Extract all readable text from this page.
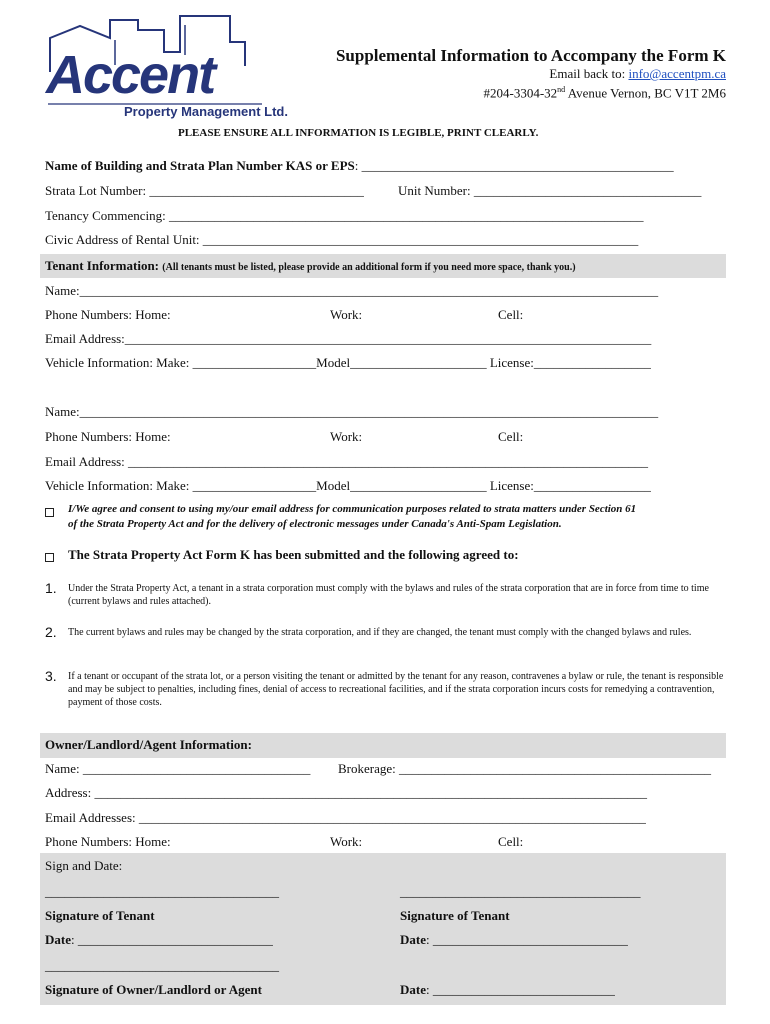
Accent
Property Management Ltd.
Supplemental Information to Accompany the Form K
Email back to: info@accentpm.ca
#204-3304-32nd Avenue Vernon, BC V1T 2M6
PLEASE ENSURE ALL INFORMATION IS LEGIBLE, PRINT CLEARLY.
Name of Building and Strata Plan Number KAS or EPS: ________________________________________________
Strata Lot Number: _________________________________	Unit Number: ___________________________________
Tenancy Commencing: _________________________________________________________________________
Civic Address of Rental Unit: ___________________________________________________________________
Tenant Information: (All tenants must be listed, please provide an additional form if you need more space, thank you.)
Name:_________________________________________________________________________________________
Phone Numbers: Home:	Work:	Cell:
Email Address:_________________________________________________________________________________
Vehicle Information: Make: ___________________Model_____________________ License:__________________
Name:_________________________________________________________________________________________
Phone Numbers: Home:	Work:	Cell:
Email Address: ________________________________________________________________________________
Vehicle Information: Make: ___________________Model_____________________ License:__________________
I/We agree and consent to using my/our email address for communication purposes related to strata matters under Section 61
of the Strata Property Act and for the delivery of electronic messages under Canada's Anti-Spam Legislation.
The Strata Property Act Form K has been submitted and the following agreed to:
1. Under the Strata Property Act, a tenant in a strata corporation must comply with the bylaws and rules of the strata corporation that are in force from time to time (current bylaws and rules attached).
2. The current bylaws and rules may be changed by the strata corporation, and if they are changed, the tenant must comply with the changed bylaws and rules.
3. If a tenant or occupant of the strata lot, or a person visiting the tenant or admitted by the tenant for any reason, contravenes a bylaw or rule, the tenant is responsible and may be subject to penalties, including fines, denial of access to recreational facilities, and if the strata corporation incurs costs for remedying a contravention, payment of those costs.
Owner/Landlord/Agent Information:
Name: ___________________________________ Brokerage: ________________________________________________
Address: _____________________________________________________________________________________
Email Addresses: ______________________________________________________________________________
Phone Numbers: Home:	Work:	Cell:
Sign and Date:
____________________________________	_____________________________________
Signature of Tenant	Signature of Tenant
Date: ______________________________	Date: ______________________________
____________________________________
Signature of Owner/Landlord or Agent	Date: ____________________________
